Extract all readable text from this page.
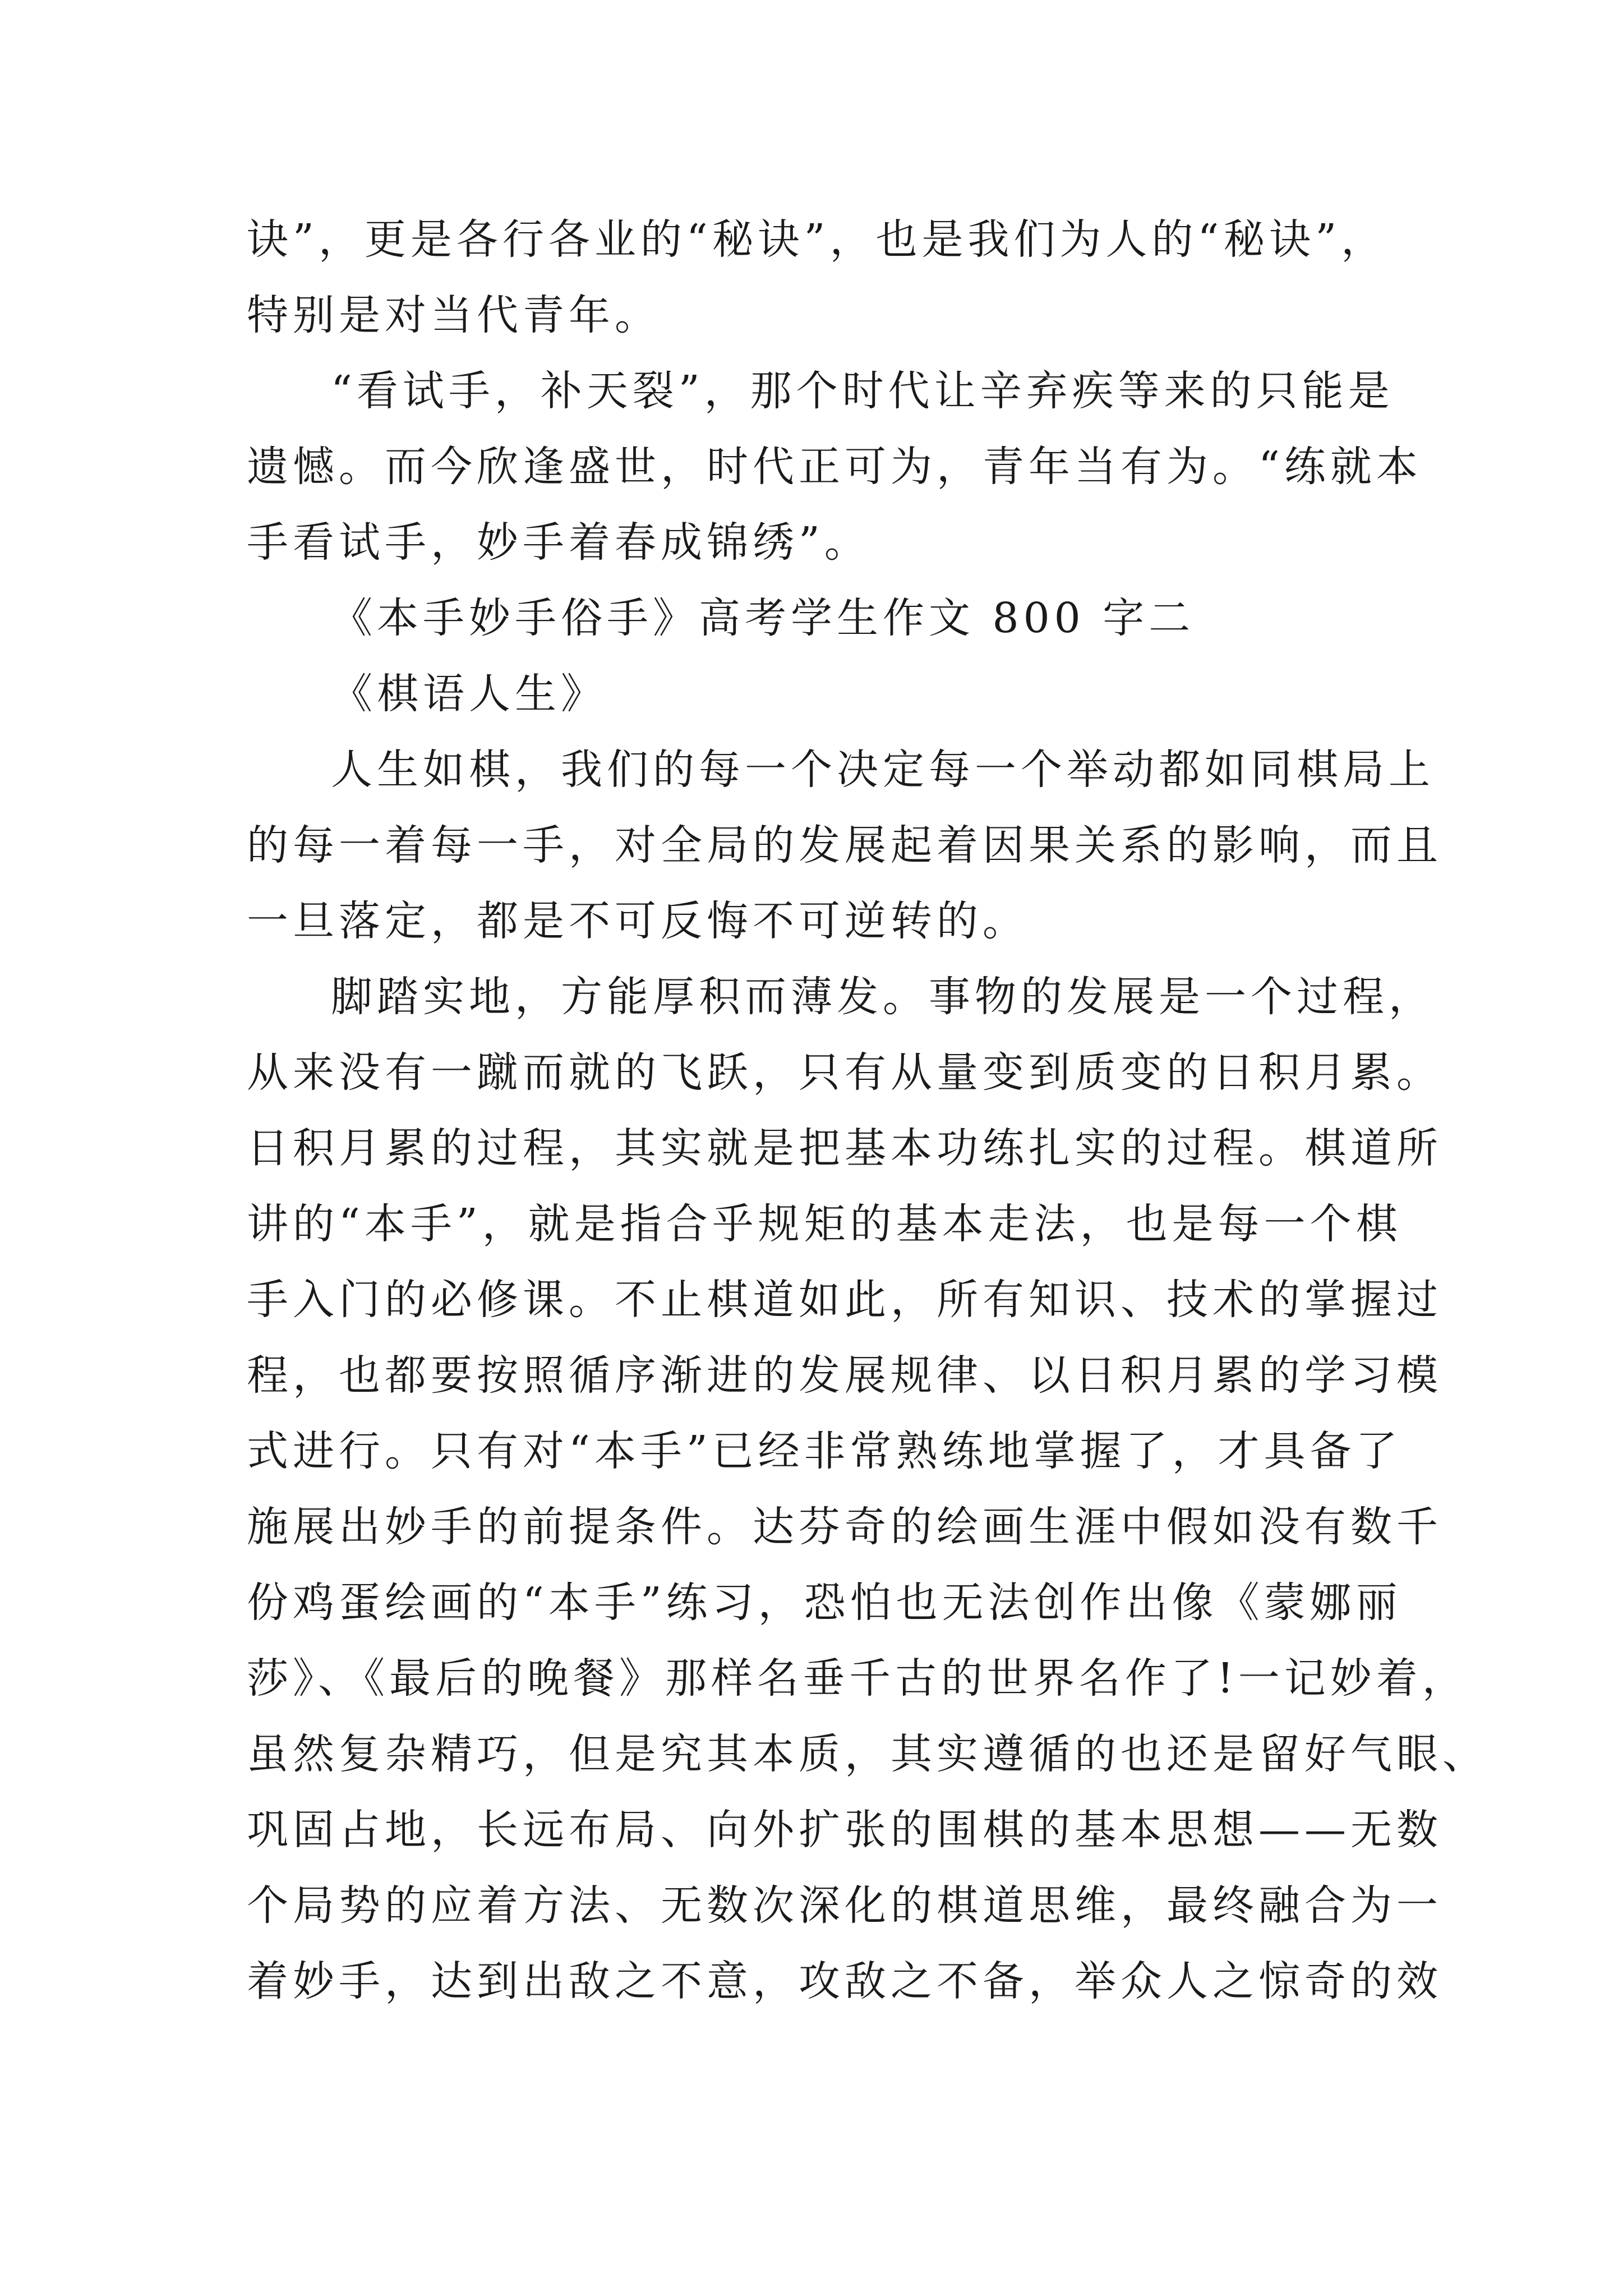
诀”，更是各行各业的“秘诀”，也是我们为人的“秘诀”，
特别是对当代青年。
“看试手，补天裂”，那个时代让辛弃疾等来的只能是
遗憾。而今欣逢盛世，时代正可为，青年当有为。“练就本
手看试手，妙手着春成锦绣”。
《本手妙手俗手》高考学生作文 800 字二
《棋语人生》
人生如棋，我们的每一个决定每一个举动都如同棋局上
的每一着每一手，对全局的发展起着因果关系的影响，而且
一旦落定，都是不可反悔不可逆转的。
脚踏实地，方能厚积而薄发。事物的发展是一个过程，
从来没有一蹴而就的飞跃，只有从量变到质变的日积月累。
日积月累的过程，其实就是把基本功练扎实的过程。棋道所
讲的“本手”，就是指合乎规矩的基本走法，也是每一个棋
手入门的必修课。不止棋道如此，所有知识、技术的掌握过
程，也都要按照循序渐进的发展规律、以日积月累的学习模
式进行。只有对“本手”已经非常熟练地掌握了，才具备了
施展出妙手的前提条件。达芬奇的绘画生涯中假如没有数千
份鸡蛋绘画的“本手”练习，恐怕也无法创作出像《蒙娜丽
莎》、《最后的晚餐》那样名垂千古的世界名作了!一记妙着，
虽然复杂精巧，但是究其本质，其实遵循的也还是留好气眼、
巩固占地，长远布局、向外扩张的围棋的基本思想——无数
个局势的应着方法、无数次深化的棋道思维，最终融合为一
着妙手，达到出敌之不意，攻敌之不备，举众人之惊奇的效
